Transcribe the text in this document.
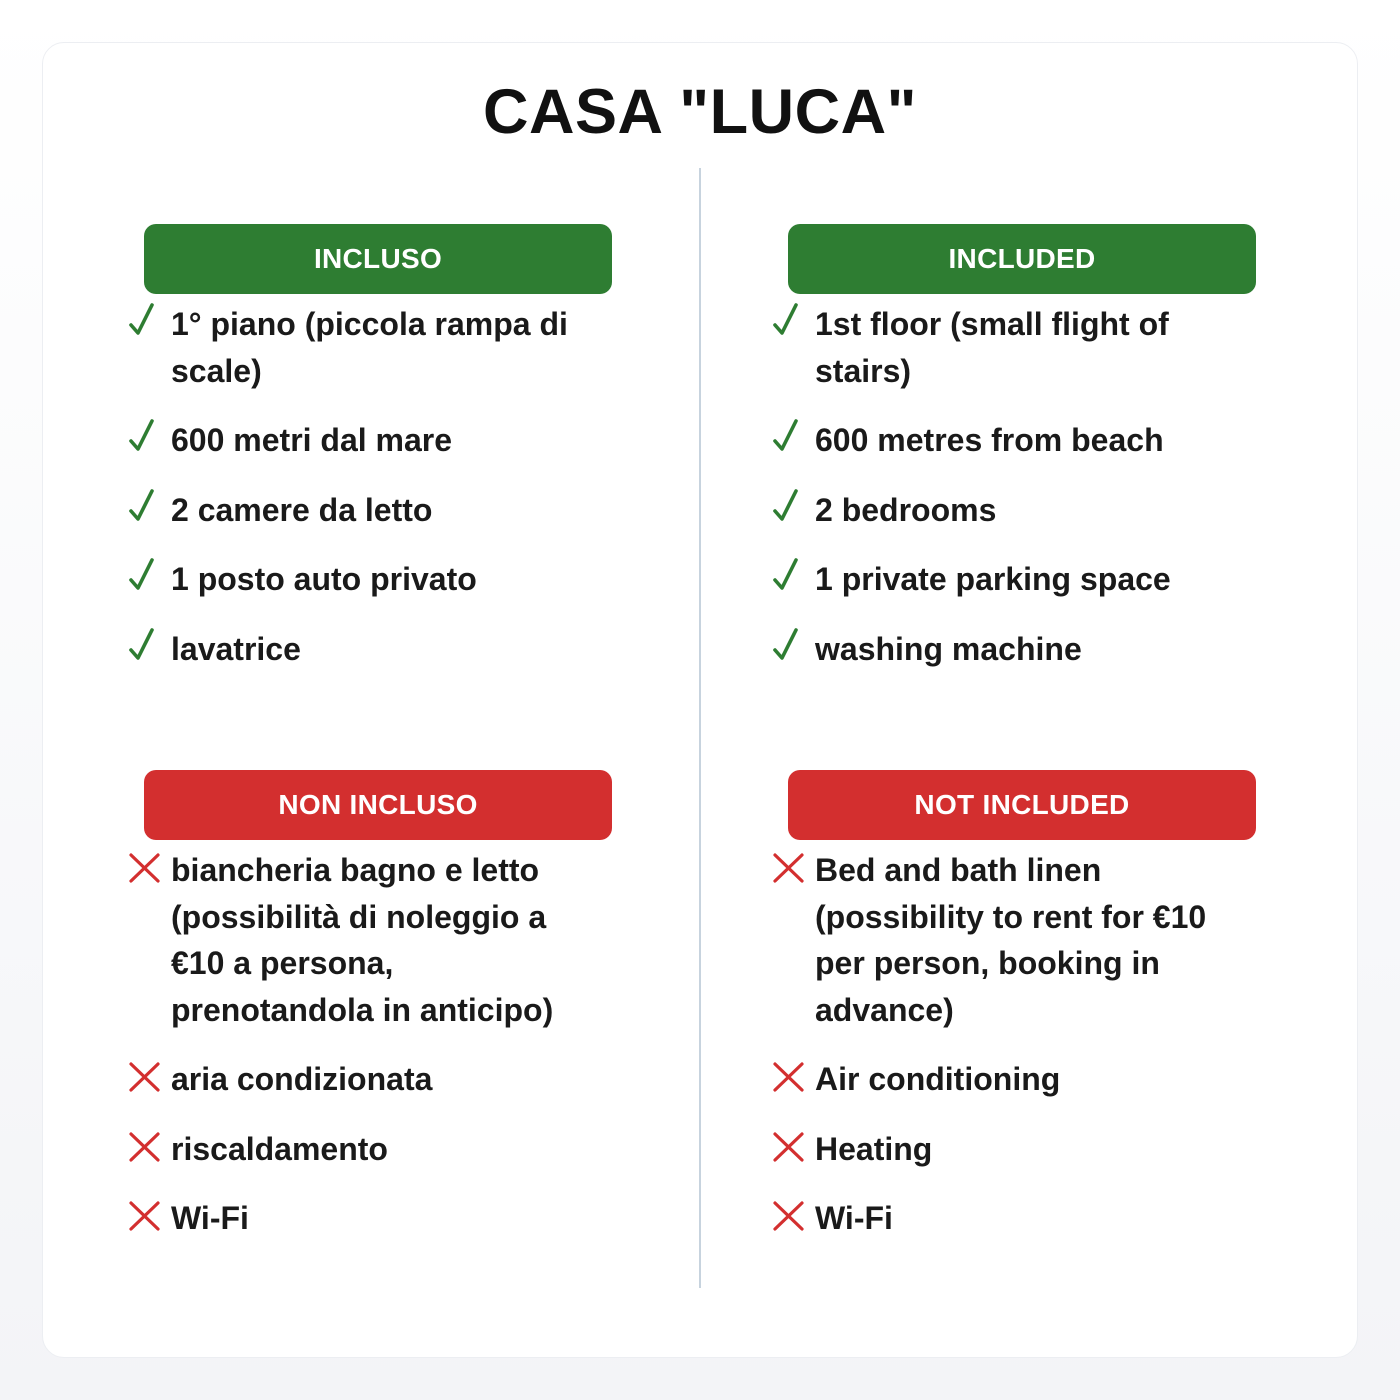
CASA "LUCA"
INCLUSO
1° piano (piccola rampa di scale)
600 metri dal mare
2 camere da letto
1 posto auto privato
lavatrice
NON INCLUSO
biancheria bagno e letto (possibilità di noleggio a €10 a persona, prenotandola in anticipo)
aria condizionata
riscaldamento
Wi-Fi
INCLUDED
1st floor (small flight of stairs)
600 metres from beach
2 bedrooms
1 private parking space
washing machine
NOT INCLUDED
Bed and bath linen (possibility to rent for €10 per person, booking in advance)
Air conditioning
Heating
Wi-Fi
